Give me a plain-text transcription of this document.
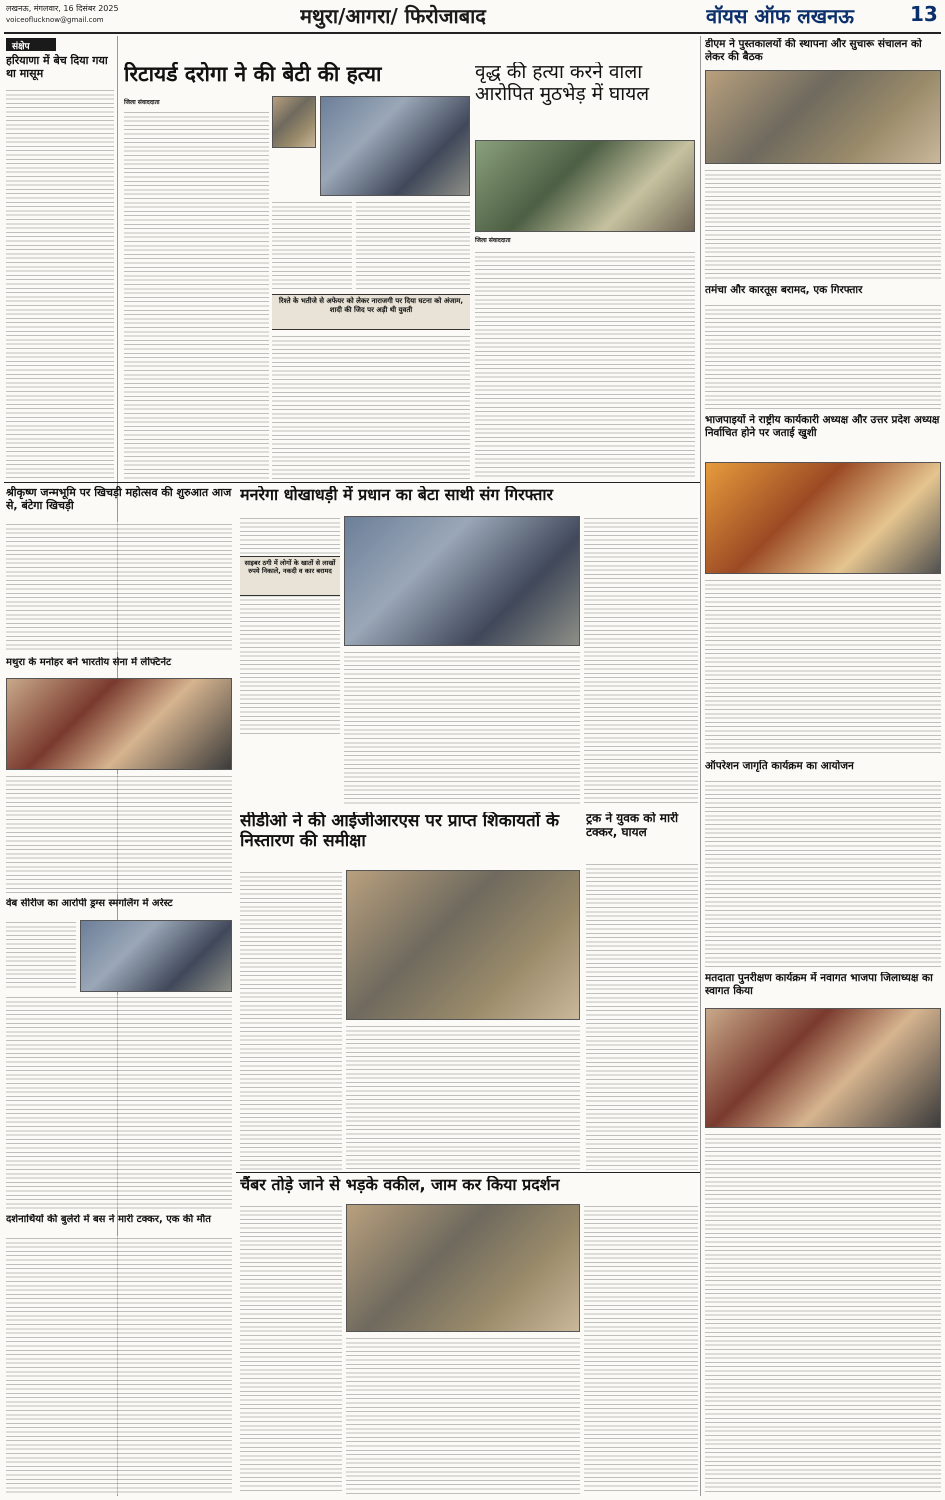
लखनऊ, मंगलवार, 16 दिसंबर 2025
voiceoflucknow@gmail.com	मथुरा/आगरा/ फिरोजाबाद	वॉयस ऑफ लखनऊ	13
संक्षेप
हरियाणा में बेच दिया गया था मासूम
श्रीकृष्ण जन्मभूमि पर खिचड़ी महोत्सव की शुरुआत आज से, बंटेगा खिचड़ी
मथुरा के मनोहर बने भारतीय सेना में लेफ्टिनेंट
वेब सीरीज का आरोपी ड्रग्स स्मगलिंग में अरेस्ट
दर्शनार्थियों की बुलेरो में बस ने मारी टक्कर, एक की मौत
रिटायर्ड दरोगा ने की बेटी की हत्या
जिला संवाददाता
रिश्ते के भतीजे से अफेयर को लेकर नाराजगी पर दिया घटना को अंजाम, शादी की जिद पर अड़ी थी युवती
वृद्ध की हत्या करने वाला आरोपित मुठभेड़ में घायल
जिला संवाददाता
मनरेगा धोखाधड़ी में प्रधान का बेटा साथी संग गिरफ्तार
साइबर ठगी में लोगों के खातों से लाखों रुपये निकाले, नकदी व कार बरामद
सीडीओ ने की आईजीआरएस पर प्राप्त शिकायतों के निस्तारण की समीक्षा
ट्रक ने युवक को मारी टक्कर, घायल
चैंबर तोड़े जाने से भड़के वकील, जाम कर किया प्रदर्शन
डीएम ने पुस्तकालयों की स्थापना और सुचारू संचालन को लेकर की बैठक
तमंचा और कारतूस बरामद, एक गिरफ्तार
भाजपाइयों ने राष्ट्रीय कार्यकारी अध्यक्ष और उत्तर प्रदेश अध्यक्ष निर्वाचित होने पर जताई खुशी
ऑपरेशन जागृति कार्यक्रम का आयोजन
मतदाता पुनरीक्षण कार्यक्रम में नवागत भाजपा जिलाध्यक्ष का स्वागत किया
